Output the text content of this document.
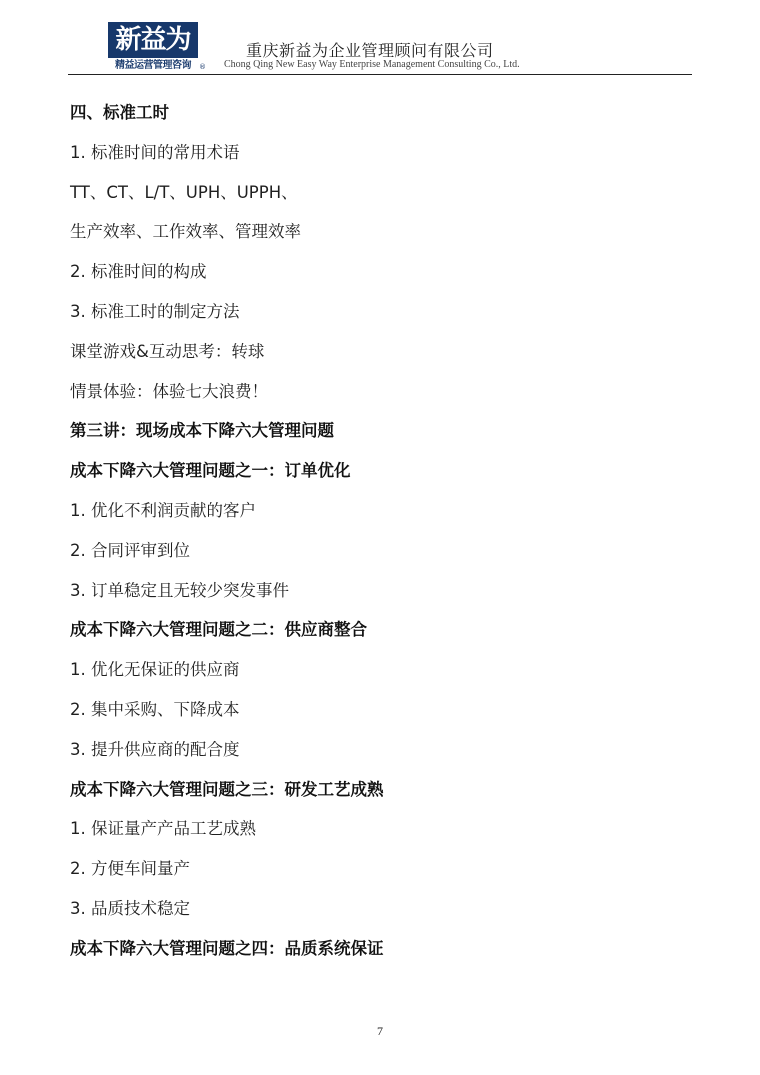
新益为
精益运营管理咨询	®
重庆新益为企业管理顾问有限公司
Chong Qing New Easy Way Enterprise Management Consulting Co., Ltd.
四、标准工时
1. 标准时间的常用术语
TT、CT、L/T、UPH、UPPH、
生产效率、工作效率、管理效率
2. 标准时间的构成
3. 标准工时的制定方法
课堂游戏&互动思考：转球
情景体验：体验七大浪费！
第三讲：现场成本下降六大管理问题
成本下降六大管理问题之一：订单优化
1. 优化不利润贡献的客户
2. 合同评审到位
3. 订单稳定且无较少突发事件
成本下降六大管理问题之二：供应商整合
1. 优化无保证的供应商
2. 集中采购、下降成本
3. 提升供应商的配合度
成本下降六大管理问题之三：研发工艺成熟
1. 保证量产产品工艺成熟
2. 方便车间量产
3. 品质技术稳定
成本下降六大管理问题之四：品质系统保证
7
